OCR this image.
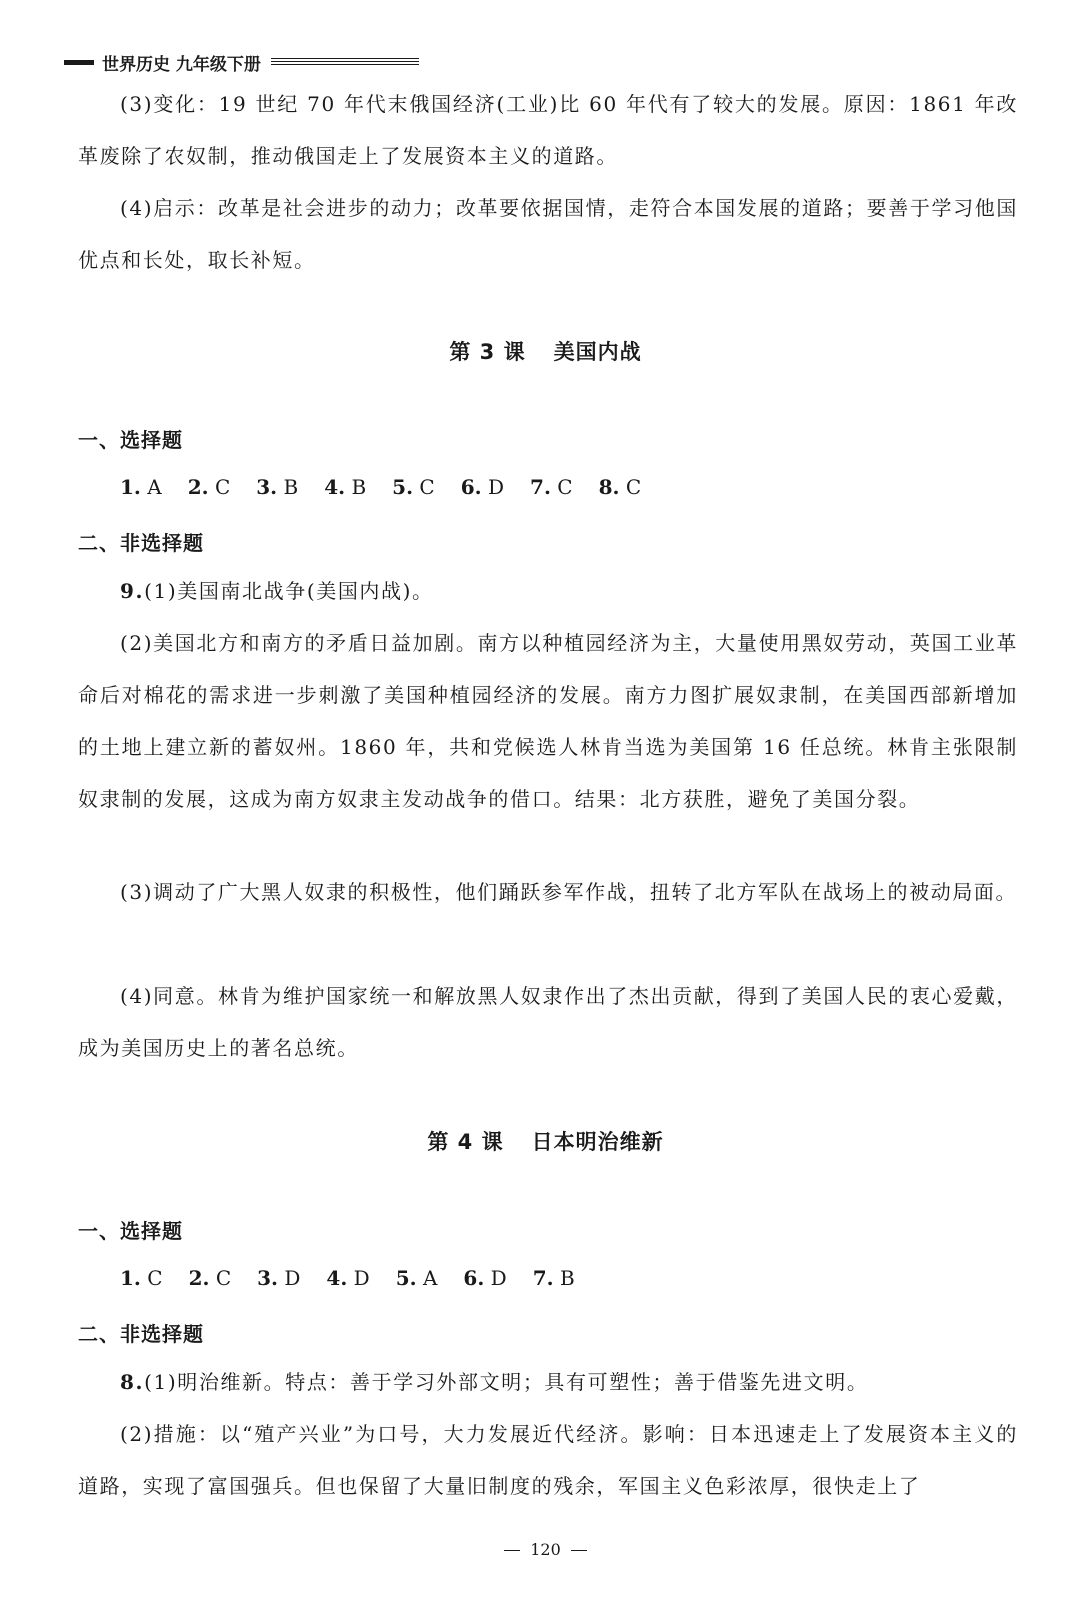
世界历史 九年级下册

(3)变化：19 世纪 70 年代末俄国经济(工业)比 60 年代有了较大的发展。原因：1861 年改革废除了农奴制，推动俄国走上了发展资本主义的道路。

(4)启示：改革是社会进步的动力；改革要依据国情，走符合本国发展的道路；要善于学习他国优点和长处，取长补短。

第 3 课 美国内战
一、选择题
1. A 2. C 3. B 4. B 5. C 6. D 7. C 8. C
二、非选择题

9.(1)美国南北战争(美国内战)。

(2)美国北方和南方的矛盾日益加剧。南方以种植园经济为主，大量使用黑奴劳动，英国工业革命后对棉花的需求进一步刺激了美国种植园经济的发展。南方力图扩展奴隶制，在美国西部新增加的土地上建立新的蓄奴州。1860 年，共和党候选人林肯当选为美国第 16 任总统。林肯主张限制奴隶制的发展，这成为南方奴隶主发动战争的借口。结果：北方获胜，避免了美国分裂。

(3)调动了广大黑人奴隶的积极性，他们踊跃参军作战，扭转了北方军队在战场上的被动局面。

(4)同意。林肯为维护国家统一和解放黑人奴隶作出了杰出贡献，得到了美国人民的衷心爱戴，成为美国历史上的著名总统。

第 4 课 日本明治维新
一、选择题
1. C 2. C 3. D 4. D 5. A 6. D 7. B
二、非选择题

8.(1)明治维新。特点：善于学习外部文明；具有可塑性；善于借鉴先进文明。

(2)措施：以“殖产兴业”为口号，大力发展近代经济。影响：日本迅速走上了发展资本主义的道路，实现了富国强兵。但也保留了大量旧制度的残余，军国主义色彩浓厚，很快走上了

120
